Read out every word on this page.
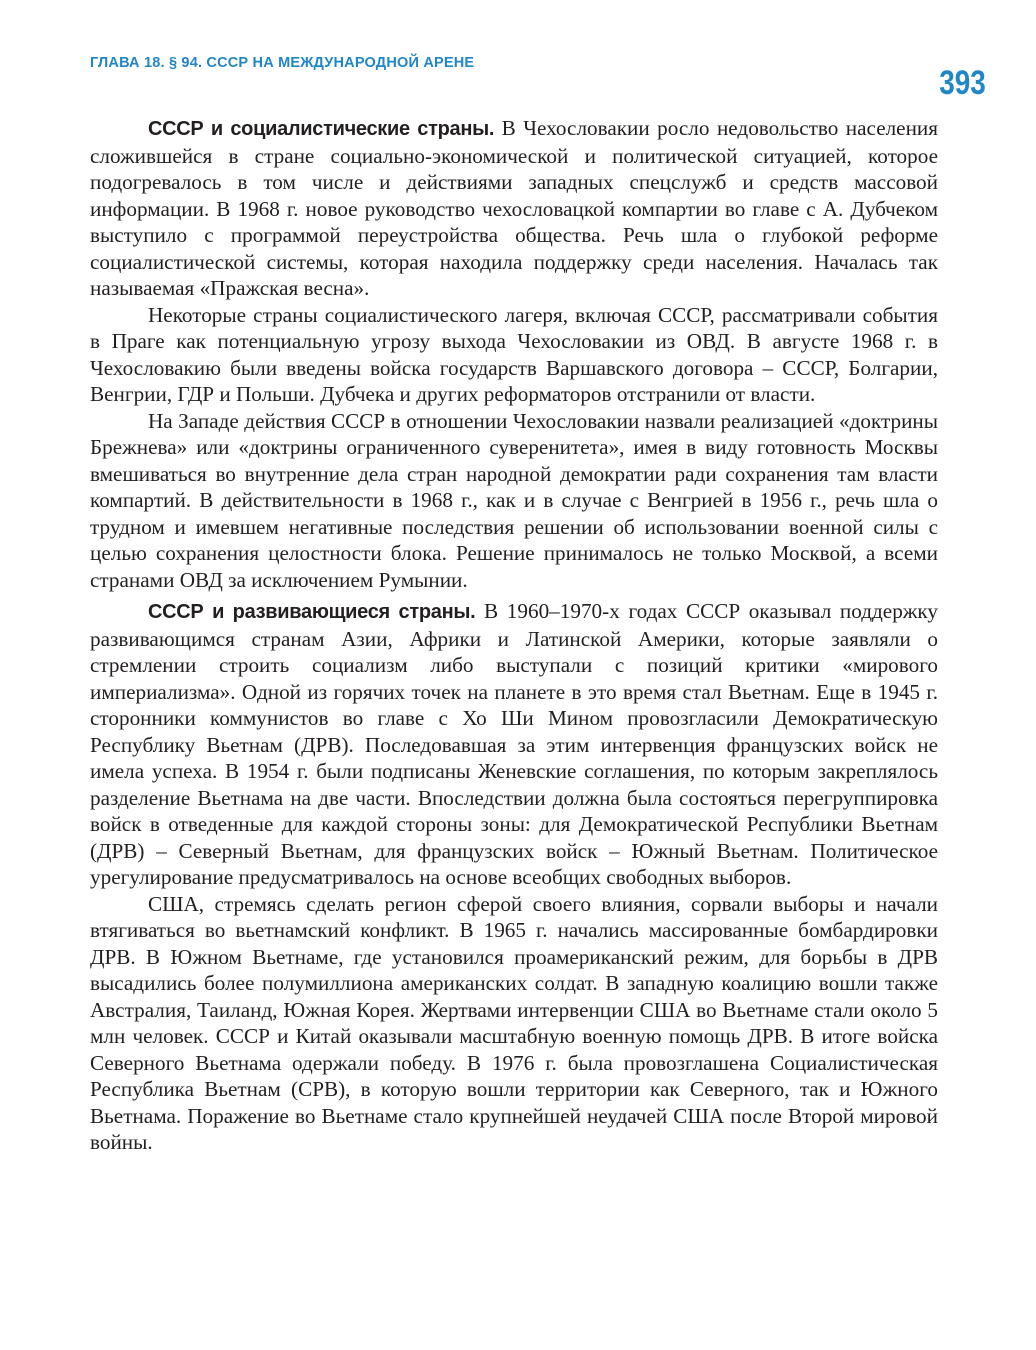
ГЛАВА 18. § 94. СССР НА МЕЖДУНАРОДНОЙ АРЕНЕ
393

СССР и социалистические страны. В Чехословакии росло недовольство населения сложившейся в стране социально-экономической и политической ситуацией, которое подогревалось в том числе и действиями западных спецслужб и средств массовой информации. В 1968 г. новое руководство чехословацкой компартии во главе с А. Дубчеком выступило с программой переустройства общества. Речь шла о глубокой реформе социалистической системы, которая находила поддержку среди населения. Началась так называемая «Пражская весна».

Некоторые страны социалистического лагеря, включая СССР, рассматривали события в Праге как потенциальную угрозу выхода Чехословакии из ОВД. В августе 1968 г. в Чехословакию были введены войска государств Варшавского договора – СССР, Болгарии, Венгрии, ГДР и Польши. Дубчека и других реформаторов отстранили от власти.

На Западе действия СССР в отношении Чехословакии назвали реализацией «доктрины Брежнева» или «доктрины ограниченного суверенитета», имея в виду готовность Москвы вмешиваться во внутренние дела стран народной демократии ради сохранения там власти компартий. В действительности в 1968 г., как и в случае с Венгрией в 1956 г., речь шла о трудном и имевшем негативные последствия решении об использовании военной силы с целью сохранения целостности блока. Решение принималось не только Москвой, а всеми странами ОВД за исключением Румынии.

СССР и развивающиеся страны. В 1960–1970-х годах СССР оказывал поддержку развивающимся странам Азии, Африки и Латинской Америки, которые заявляли о стремлении строить социализм либо выступали с позиций критики «мирового империализма». Одной из горячих точек на планете в это время стал Вьетнам. Еще в 1945 г. сторонники коммунистов во главе с Хо Ши Мином провозгласили Демократическую Республику Вьетнам (ДРВ). Последовавшая за этим интервенция французских войск не имела успеха. В 1954 г. были подписаны Женевские соглашения, по которым закреплялось разделение Вьетнама на две части. Впоследствии должна была состояться перегруппировка войск в отведенные для каждой стороны зоны: для Демократической Республики Вьетнам (ДРВ) – Северный Вьетнам, для французских войск – Южный Вьетнам. Политическое урегулирование предусматривалось на основе всеобщих свободных выборов.

США, стремясь сделать регион сферой своего влияния, сорвали выборы и начали втягиваться во вьетнамский конфликт. В 1965 г. начались массированные бомбардировки ДРВ. В Южном Вьетнаме, где установился проамериканский режим, для борьбы в ДРВ высадились более полумиллиона американских солдат. В западную коалицию вошли также Австралия, Таиланд, Южная Корея. Жертвами интервенции США во Вьетнаме стали около 5 млн человек. СССР и Китай оказывали масштабную военную помощь ДРВ. В итоге войска Северного Вьетнама одержали победу. В 1976 г. была провозглашена Социалистическая Республика Вьетнам (СРВ), в которую вошли территории как Северного, так и Южного Вьетнама. Поражение во Вьетнаме стало крупнейшей неудачей США после Второй мировой войны.
